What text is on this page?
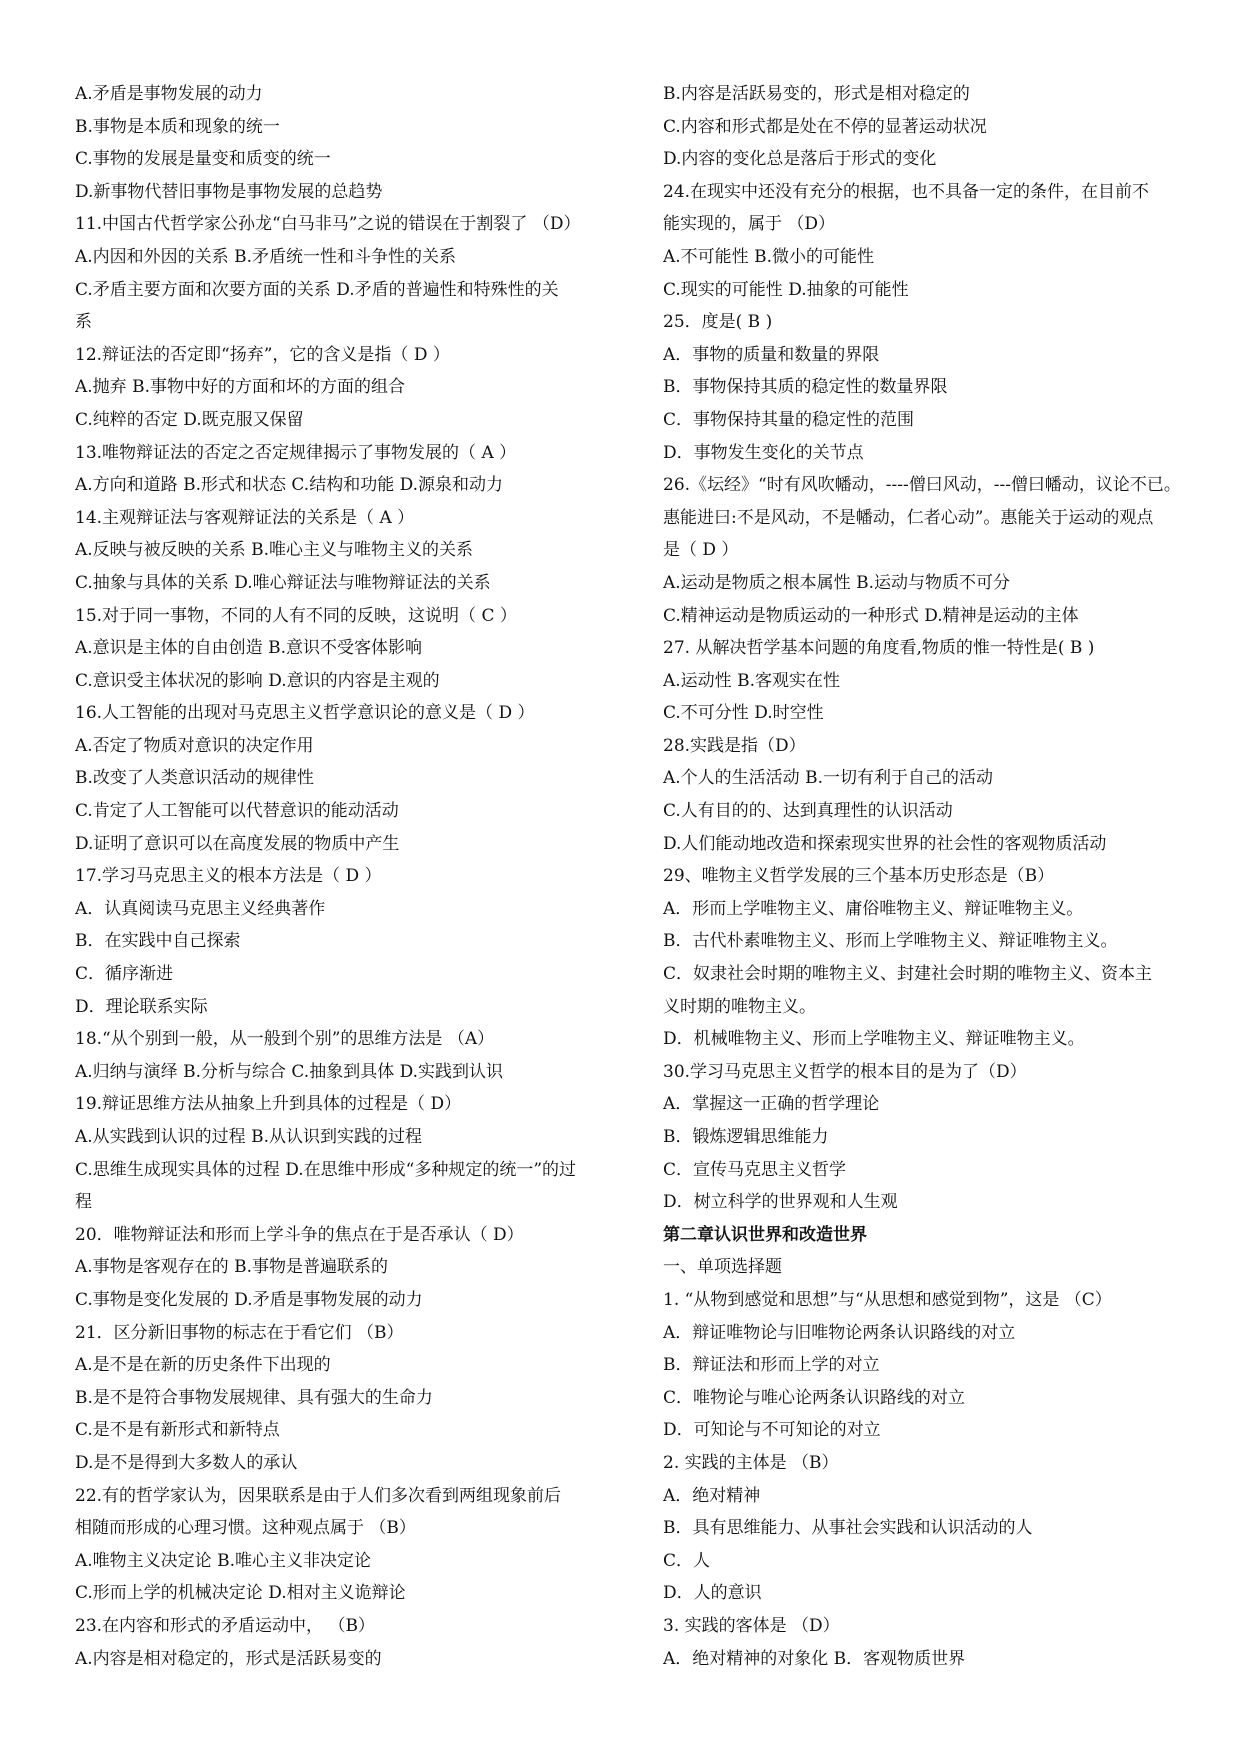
A.矛盾是事物发展的动力
B.事物是本质和现象的统一
C.事物的发展是量变和质变的统一
D.新事物代替旧事物是事物发展的总趋势
11.中国古代哲学家公孙龙“白马非马”之说的错误在于割裂了 （D）
A.内因和外因的关系 B.矛盾统一性和斗争性的关系
C.矛盾主要方面和次要方面的关系 D.矛盾的普遍性和特殊性的关
系
12.辩证法的否定即“扬弃”，它的含义是指（ D ）
A.抛弃 B.事物中好的方面和坏的方面的组合
C.纯粹的否定 D.既克服又保留
13.唯物辩证法的否定之否定规律揭示了事物发展的（ A ）
A.方向和道路 B.形式和状态 C.结构和功能 D.源泉和动力
14.主观辩证法与客观辩证法的关系是（ A ）
A.反映与被反映的关系 B.唯心主义与唯物主义的关系
C.抽象与具体的关系 D.唯心辩证法与唯物辩证法的关系
15.对于同一事物，不同的人有不同的反映，这说明（ C ）
A.意识是主体的自由创造 B.意识不受客体影响
C.意识受主体状况的影响 D.意识的内容是主观的
16.人工智能的出现对马克思主义哲学意识论的意义是（ D ）
A.否定了物质对意识的决定作用
B.改变了人类意识活动的规律性
C.肯定了人工智能可以代替意识的能动活动
D.证明了意识可以在高度发展的物质中产生
17.学习马克思主义的根本方法是（ D ）
A．认真阅读马克思主义经典著作
B．在实践中自己探索
C．循序渐进
D．理论联系实际
18.“从个别到一般，从一般到个别”的思维方法是 （A）
A.归纳与演绎 B.分析与综合 C.抽象到具体 D.实践到认识
19.辩证思维方法从抽象上升到具体的过程是（ D）
A.从实践到认识的过程 B.从认识到实践的过程
C.思维生成现实具体的过程 D.在思维中形成“多种规定的统一”的过
程
20．唯物辩证法和形而上学斗争的焦点在于是否承认（ D）
A.事物是客观存在的 B.事物是普遍联系的
C.事物是变化发展的 D.矛盾是事物发展的动力
21．区分新旧事物的标志在于看它们 （B）
A.是不是在新的历史条件下出现的
B.是不是符合事物发展规律、具有强大的生命力
C.是不是有新形式和新特点
D.是不是得到大多数人的承认
22.有的哲学家认为，因果联系是由于人们多次看到两组现象前后
相随而形成的心理习惯。这种观点属于 （B）
A.唯物主义决定论 B.唯心主义非决定论
C.形而上学的机械决定论 D.相对主义诡辩论
23.在内容和形式的矛盾运动中， （B）
A.内容是相对稳定的，形式是活跃易变的
B.内容是活跃易变的，形式是相对稳定的
C.内容和形式都是处在不停的显著运动状况
D.内容的变化总是落后于形式的变化
24.在现实中还没有充分的根据，也不具备一定的条件，在目前不
能实现的，属于 （D）
A.不可能性 B.微小的可能性
C.现实的可能性 D.抽象的可能性
25．度是( B )
A．事物的质量和数量的界限
B．事物保持其质的稳定性的数量界限
C．事物保持其量的稳定性的范围
D．事物发生变化的关节点
26.《坛经》“时有风吹幡动，----僧曰风动，---僧曰幡动，议论不已。
惠能进曰:不是风动，不是幡动，仁者心动”。惠能关于运动的观点
是（ D ）
A.运动是物质之根本属性 B.运动与物质不可分
C.精神运动是物质运动的一种形式 D.精神是运动的主体
27. 从解决哲学基本问题的角度看,物质的惟一特性是( B )
A.运动性 B.客观实在性
C.不可分性 D.时空性
28.实践是指（D）
A.个人的生活活动 B.一切有利于自己的活动
C.人有目的的、达到真理性的认识活动
D.人们能动地改造和探索现实世界的社会性的客观物质活动
29、唯物主义哲学发展的三个基本历史形态是（B）
A．形而上学唯物主义、庸俗唯物主义、辩证唯物主义。
B．古代朴素唯物主义、形而上学唯物主义、辩证唯物主义。
C．奴隶社会时期的唯物主义、封建社会时期的唯物主义、资本主
义时期的唯物主义。
D．机械唯物主义、形而上学唯物主义、辩证唯物主义。
30.学习马克思主义哲学的根本目的是为了（D）
A．掌握这一正确的哲学理论
B．锻炼逻辑思维能力
C．宣传马克思主义哲学
D．树立科学的世界观和人生观
第二章认识世界和改造世界
一、单项选择题
1. “从物到感觉和思想”与“从思想和感觉到物”，这是 （C）
A．辩证唯物论与旧唯物论两条认识路线的对立
B．辩证法和形而上学的对立
C．唯物论与唯心论两条认识路线的对立
D．可知论与不可知论的对立
2. 实践的主体是 （B）
A．绝对精神
B．具有思维能力、从事社会实践和认识活动的人
C．人
D．人的意识
3. 实践的客体是 （D）
A．绝对精神的对象化 B．客观物质世界
